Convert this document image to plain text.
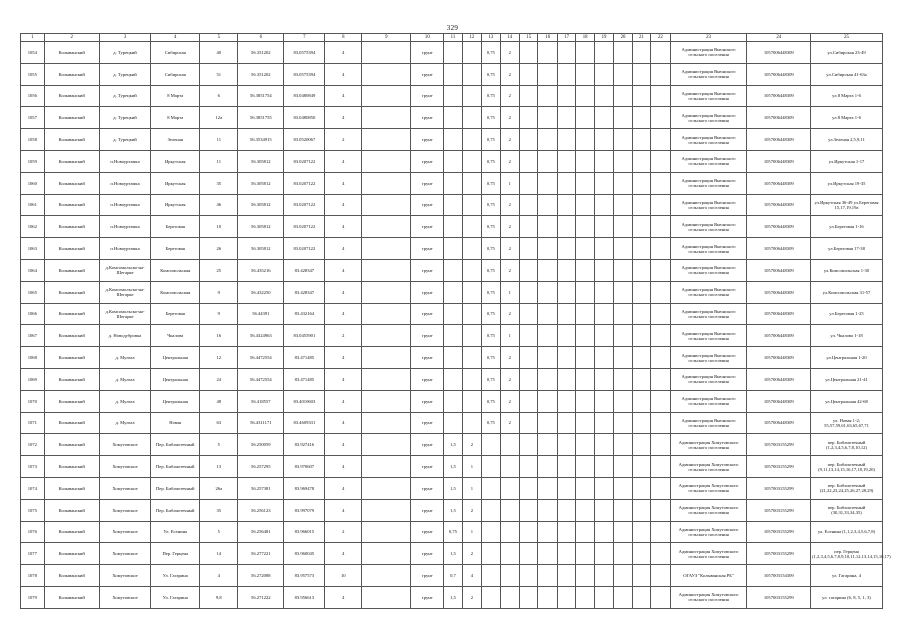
329
1	2	3	4	5	6	7	8	9	10	11	12	13	14	15	16	17	18	19	20	21	22	23	24	25
1054	Колыванский	д. Турецкий	Сибирская	40	56.351202	83.0575394	4		грунт			0,75	2									Администрация Вьюнского сельского поселения	1057006448309	ул.Сибирская 23-49
1055	Колыванский	д. Турецкий	Сибирская	51	56.351202	83.0575394	4		грунт			0,75	2									Администрация Вьюнского сельского поселения	1057006448309	ул.Сибирская 41-63а
1056	Колыванский	д. Турецкий	8 Марта	6	56.3851754	83.0480849	4		грунт			0,75	2									Администрация Вьюнского сельского поселения	1057006448309	ул.8 Марта 1-6
1057	Колыванский	д. Турецкий	8 Марта	12а	56.3851755	83.0480850	4		грунт			0,75	2									Администрация Вьюнского сельского поселения	1057006448309	ул.8 Марта 1-6
1058	Колыванский	д. Турецкий	Зеленая	11	56.3534915	83.0520067	2		грунт			0,75	2									Администрация Вьюнского сельского поселения	1057006448309	ул.Зеленая 2,5,9,11
1059	Колыванский	п.Новоуртамка	Иркутская	11	56.305812	83.0207122	4		грунт			0,75	2									Администрация Вьюнского сельского поселения	1057006448309	ул.Иркутская 1-17
1060	Колыванский	п.Новоуртамка	Иркутская	35	56.305812	83.0207122	4		грунт			0,75	1									Администрация Вьюнского сельского поселения	1057006448309	ул.Иркутская 19-35
1061	Колыванский	п.Новоуртамка	Иркутская	46	56.305812	83.0207122	4		грунт			0,75	2									Администрация Вьюнского сельского поселения	1057006448309	ул.Иркутская 36-49 ул.Береговая 15,17,19,19а
1062	Колыванский	п.Новоуртамка	Береговая	10	56.305812	83.0207122	4		грунт			0,75	2									Администрация Вьюнского сельского поселения	1057006448309	ул.Береговая 1-16
1063	Колыванский	п.Новоуртамка	Береговая	26	56.305812	83.0207122	4		грунт			0,75	2									Администрация Вьюнского сельского поселения	1057006448309	ул.Береговая 17-38
1064	Колыванский	д.Комсомольско-на-Шегарке	Комсомольская	25	56.435216	83.428347	4		грунт			0,75	2									Администрация Вьюнского сельского поселения	1057006448309	ул.Комсомольская 1-30
1065	Колыванский	д.Комсомольско-на-Шегарке	Комсомольская	9	56.432250	83.428347	4		грунт			0,75	1									Администрация Вьюнского сельского поселения	1057006448309	ул.Комсомольская 31-57
1066	Колыванский	д.Комсомольско-на-Шегарке	Береговая	9	56.44391	83.432164	4		грунт			0,75	2									Администрация Вьюнского сельского поселения	1057006448309	ул.Береговая 1-25
1067	Колыванский	д. Новодубровка	Чкалова	16	56.4324963	83.0455901	2		грунт			0,75	1									Администрация Вьюнского сельского поселения	1057006448309	ул. Чкалова 1-18
1068	Колыванский	д. Мульта	Центральная	12	56.4472554	83.471485	4		грунт			0,75	2									Администрация Вьюнского сельского поселения	1057006448309	ул.Центральная 1-20
1069	Колыванский	д. Мульта	Центральная	24	56.4472554	83.471485	4		грунт			0,75	2									Администрация Вьюнского сельского поселения	1057006448309	ул.Центральная 21-41
1070	Колыванский	д. Мульта	Центральная	48	56.418557	83.4010603	4		грунт			0,75	2									Администрация Вьюнского сельского поселения	1057006448309	ул.Центральная 42-68
1071	Колыванский	д. Мульта	Новая	63	56.4311171	83.4609331	4		грунт			0,75	2									Администрация Вьюнского сельского поселения	1057006448309	ул. Новая 1-2; 55,57,59,61,63,65,67,71
1072	Колыванский	Хомутовское	Пер. Библиотечный	5	56.250059	83.927416	4		грунт	1,5	2											Администрация Хомутовского сельского поселения	1057003155299	пер. Библиотечный (1,2,3,4,5,6,7,8,10,12)
1073	Колыванский	Хомутовское	Пер. Библиотечный	13	56.257295	83.970607	4		грунт	1,5	1											Администрация Хомутовского сельского поселения	1057003155299	пер. Библиотечный (9,11,13,14,15,16,17,18,19,20)
1074	Колыванский	Хомутовское	Пер. Библиотечный	26а	56.257381	83.969478	4		грунт	1,5	1											Администрация Хомутовского сельского поселения	1057003155299	пер. Библиотечный (21,22,23,24,25,26,27,28,29)
1075	Колыванский	Хомутовское	Пер. Библиотечный	35	56.256123	83.997079	4		грунт	1,5	2											Администрация Хомутовского сельского поселения	1057003155299	пер. Библиотечный (30,31,33,34,35)
1076	Колыванский	Хомутовское	Ул. Есенина	5	56.256481	83.966015	2		грунт	0,75	1											Администрация Хомутовского сельского поселения	1057003155299	ул. Есенина (1,1,2,3,4,5,6,7,8)
1077	Колыванский	Хомутовское	Пер. Герцена	14	56.277221	83.960045	4		грунт	1,5	2											Администрация Хомутовского сельского поселения	1057003155299	пер. Герцена (1,2,3,4,5,6,7,8,9,10,11,12,13,14,15,16,17)
1078	Колыванский	Хомутовское	Ул. Гагарина	4	56.272088	83.957573	10		грунт	0,7	4											ОГАУЗ "Колыванская РБ"	1057003154309	ул. Гагарина, 4
1079	Колыванский	Хомутовское	Ул. Гагарина	9,8	56.271222	83.956613	4		грунт	1,5	2											Администрация Хомутовского сельского поселения	1057003155299	ул. гагарина (6, 8, 5, 1, 3)
